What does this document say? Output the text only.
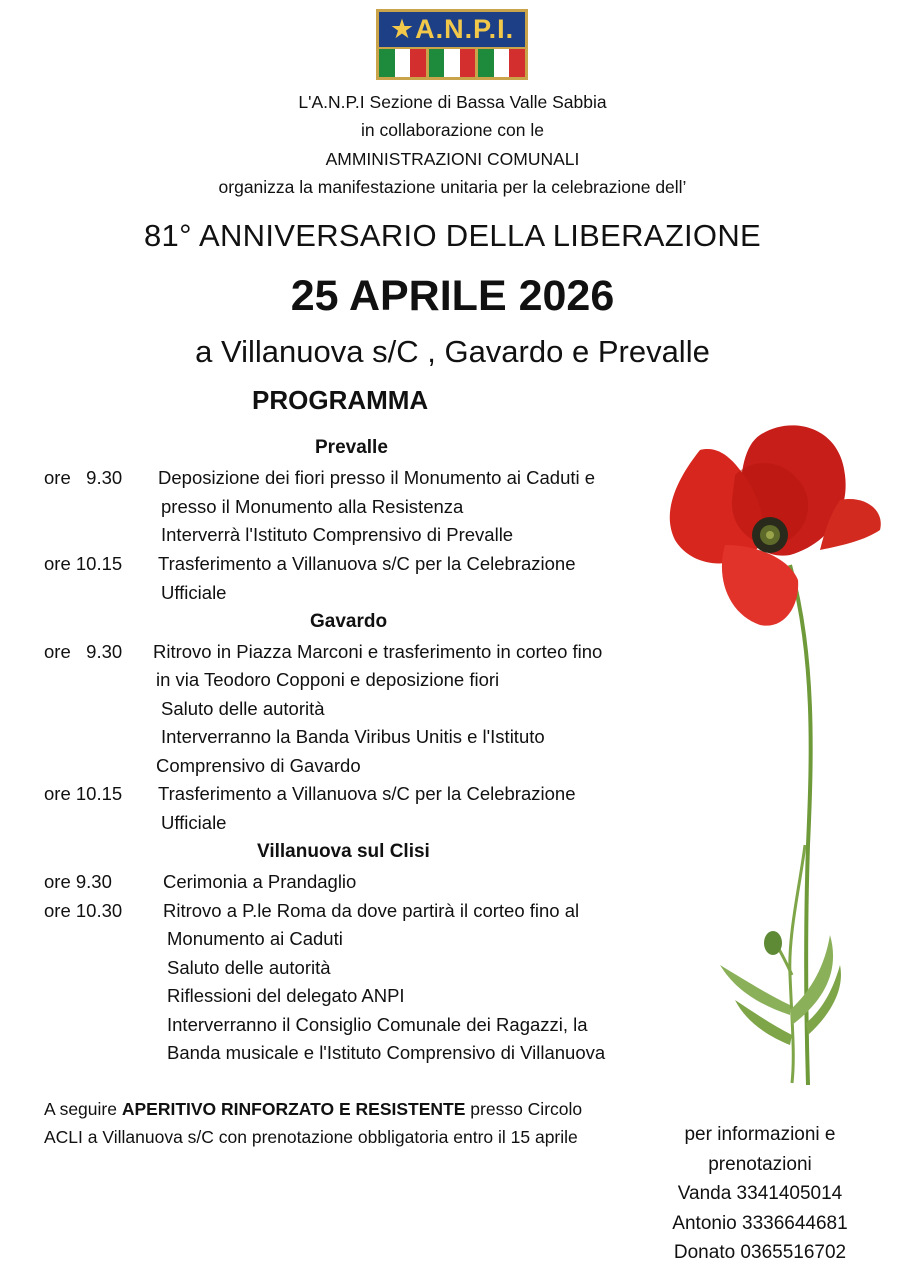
★A.N.P.I.
L'A.N.P.I Sezione di Bassa Valle Sabbia
in collaborazione con le
AMMINISTRAZIONI COMUNALI
organizza la manifestazione unitaria per la celebrazione dell’
81° ANNIVERSARIO DELLA LIBERAZIONE
25 APRILE 2026
a Villanuova s/C , Gavardo e Prevalle
PROGRAMMA
Prevalle
ore   9.30 Deposizione dei fiori presso il Monumento ai Caduti e
presso il Monumento alla Resistenza
Interverrà l'Istituto Comprensivo di Prevalle
ore 10.15 Trasferimento a Villanuova s/C per la Celebrazione
Ufficiale
Gavardo
ore   9.30 Ritrovo in Piazza Marconi e trasferimento in corteo fino
in via Teodoro Copponi e deposizione fiori
Saluto delle autorità
Interverranno la Banda Viribus Unitis e l'Istituto
Comprensivo di Gavardo
ore 10.15 Trasferimento a Villanuova s/C per la Celebrazione
Ufficiale
Villanuova sul Clisi
ore 9.30	Cerimonia a Prandaglio
ore 10.30 Ritrovo a P.le Roma da dove partirà il corteo fino al
Monumento ai Caduti
Saluto delle autorità
Riflessioni del delegato ANPI
Interverranno il Consiglio Comunale dei Ragazzi, la
Banda musicale e l'Istituto Comprensivo di Villanuova
A seguire APERITIVO RINFORZATO E RESISTENTE presso Circolo
ACLI a Villanuova s/C con prenotazione obbligatoria entro il 15 aprile	per informazioni e
prenotazioni
Vanda 3341405014
Antonio 3336644681
Donato 0365516702
